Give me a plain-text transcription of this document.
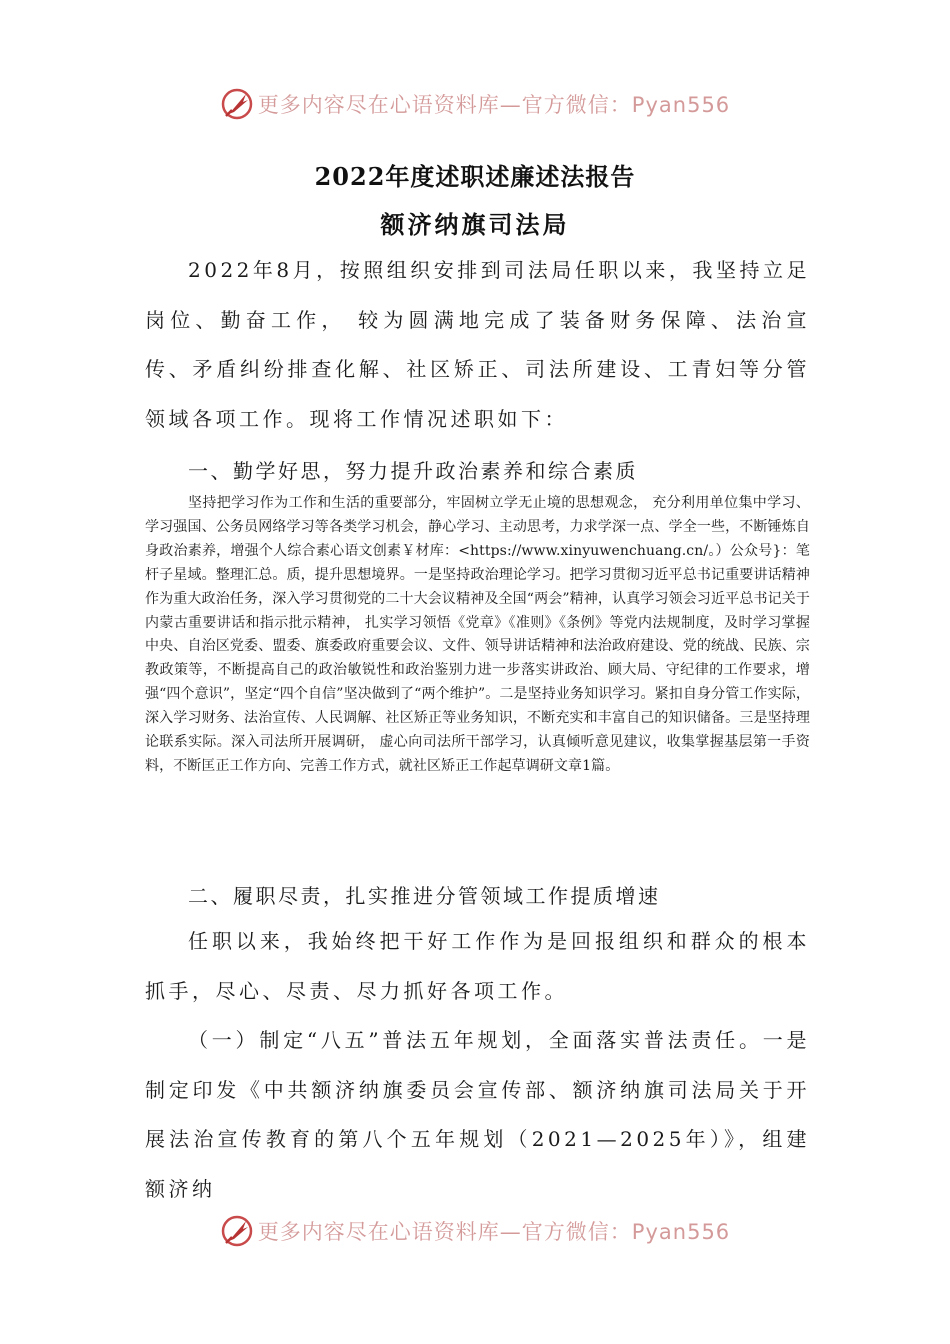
更多内容尽在心语资料库—官方微信：Pyan556
2022年度述职述廉述法报告
额济纳旗司法局

2022年8月，按照组织安排到司法局任职以来，我坚持立足岗位、勤奋工作， 较为圆满地完成了装备财务保障、法治宣传、矛盾纠纷排查化解、社区矫正、司法所建设、工青妇等分管领域各项工作。现将工作情况述职如下：

一、勤学好思，努力提升政治素养和综合素质

坚持把学习作为工作和生活的重要部分，牢固树立学无止境的思想观念， 充分利用单位集中学习、学习强国、公务员网络学习等各类学习机会，静心学习、主动思考，力求学深一点、学全一些，不断锤炼自身政治素养，增强个人综合素心语文创素￥材库：<https://www.xinyuwenchuang.cn/。）公众号}：笔杆子星域。整理汇总。质，提升思想境界。一是坚持政治理论学习。把学习贯彻习近平总书记重要讲话精神作为重大政治任务，深入学习贯彻党的二十大会议精神及全国“两会”精神，认真学习领会习近平总书记关于内蒙古重要讲话和指示批示精神， 扎实学习领悟《党章》《准则》《条例》等党内法规制度，及时学习掌握中央、自治区党委、盟委、旗委政府重要会议、文件、领导讲话精神和法治政府建设、党的统战、民族、宗教政策等，不断提高自己的政治敏锐性和政治鉴别力进一步落实讲政治、顾大局、守纪律的工作要求，增强“四个意识”，坚定“四个自信”坚决做到了“两个维护”。二是坚持业务知识学习。紧扣自身分管工作实际，深入学习财务、法治宣传、人民调解、社区矫正等业务知识，不断充实和丰富自己的知识储备。三是坚持理论联系实际。深入司法所开展调研， 虚心向司法所干部学习，认真倾听意见建议，收集掌握基层第一手资料，不断匡正工作方向、完善工作方式，就社区矫正工作起草调研文章1篇。

二、履职尽责，扎实推进分管领域工作提质增速

任职以来，我始终把干好工作作为是回报组织和群众的根本抓手，尽心、尽责、尽力抓好各项工作。

（一）制定“八五”普法五年规划，全面落实普法责任。一是制定印发《中共额济纳旗委员会宣传部、额济纳旗司法局关于开展法治宣传教育的第八个五年规划（2021—2025年）》，组建额济纳

更多内容尽在心语资料库—官方微信：Pyan556
